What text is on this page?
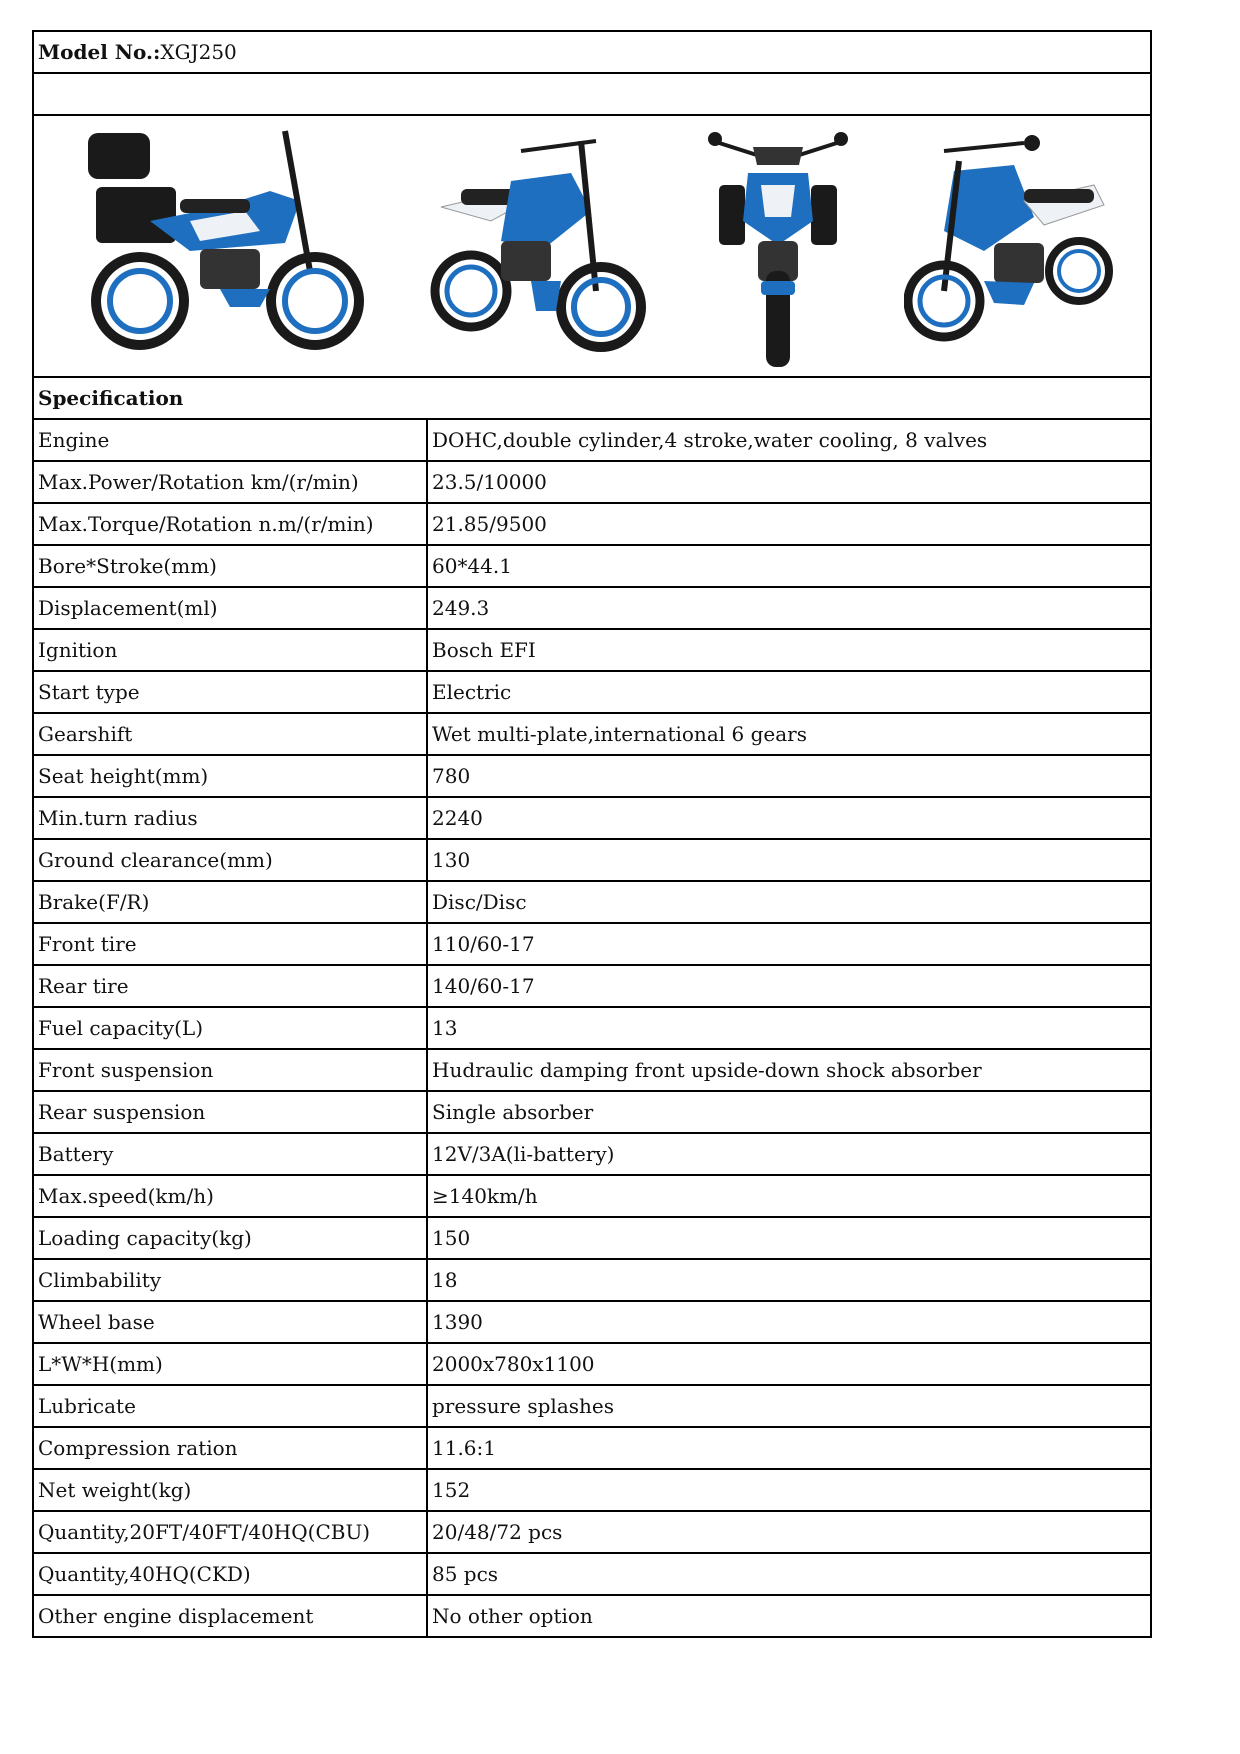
Model No.:XGJ250
Specification
Engine	DOHC,double cylinder,4 stroke,water cooling, 8 valves
Max.Power/Rotation km/(r/min)	23.5/10000
Max.Torque/Rotation n.m/(r/min)	21.85/9500
Bore*Stroke(mm)	60*44.1
Displacement(ml)	249.3
Ignition	Bosch EFI
Start type	Electric
Gearshift	Wet multi-plate,international 6 gears
Seat height(mm)	780
Min.turn radius	2240
Ground clearance(mm)	130
Brake(F/R)	Disc/Disc
Front tire	110/60-17
Rear tire	140/60-17
Fuel capacity(L)	13
Front suspension	Hudraulic damping front upside-down shock absorber
Rear suspension	Single absorber
Battery	12V/3A(li-battery)
Max.speed(km/h)	≥140km/h
Loading capacity(kg)	150
Climbability	18
Wheel base	1390
L*W*H(mm)	2000x780x1100
Lubricate	pressure splashes
Compression ration	11.6:1
Net weight(kg)	152
Quantity,20FT/40FT/40HQ(CBU)	20/48/72 pcs
Quantity,40HQ(CKD)	85 pcs
Other engine displacement	No other option
